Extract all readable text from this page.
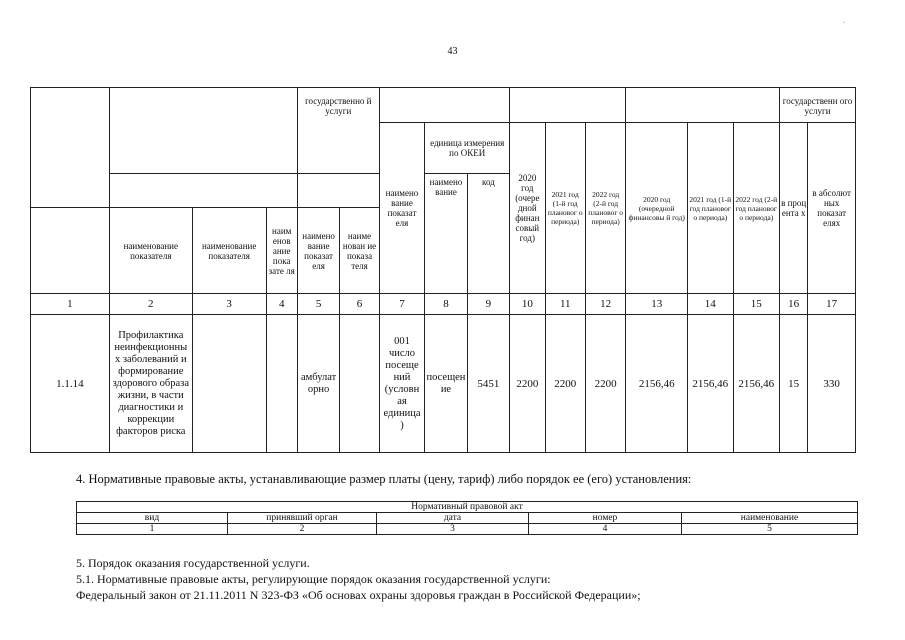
43
-
				государственно й услуги											государственн ого услуги	
						наимено вание показат еля	единица измерения по ОКЕИ		2020 год (очере дной финан совый год)	2021 год (1-й год плановог о периода)	2022 год (2-й год плановог о периода)	2020 год (очередной финансовы й год)	2021 год (1-й год плановог о периода)	2022 год (2-й год плановог о периода)	в проц ента х	в абсолют ных показат елях
							наимено вание	код								
	наименование показателя	наименование показателя	наим енов ание пока зате ля	наимено вание показат еля	наиме нован ие показа теля											
1	2	3	4	5	6	7	8	9	10	11	12	13	14	15	16	17
1.1.14	Профилактика неинфекционны х заболеваний и формирование здорового образа жизни, в части диагностики и коррекции факторов риска			амбулат орно		001 число посеще ний (условн ая единица )	посещен ие	5451	2200	2200	2200	2156,46	2156,46	2156,46	15	330
4. Нормативные правовые акты, устанавливающие размер платы (цену, тариф) либо порядок ее (его) установления:
Нормативный правовой акт				
вид	принявший орган	дата	номер	наименование
1	2	3	4	5
5. Порядок оказания государственной услуги.
5.1. Нормативные правовые акты, регулирующие порядок оказания государственной услуги:
Федеральный закон от 21.11.2011 N 323-ФЗ «Об основах охраны здоровья граждан в Российской Федерации»;
